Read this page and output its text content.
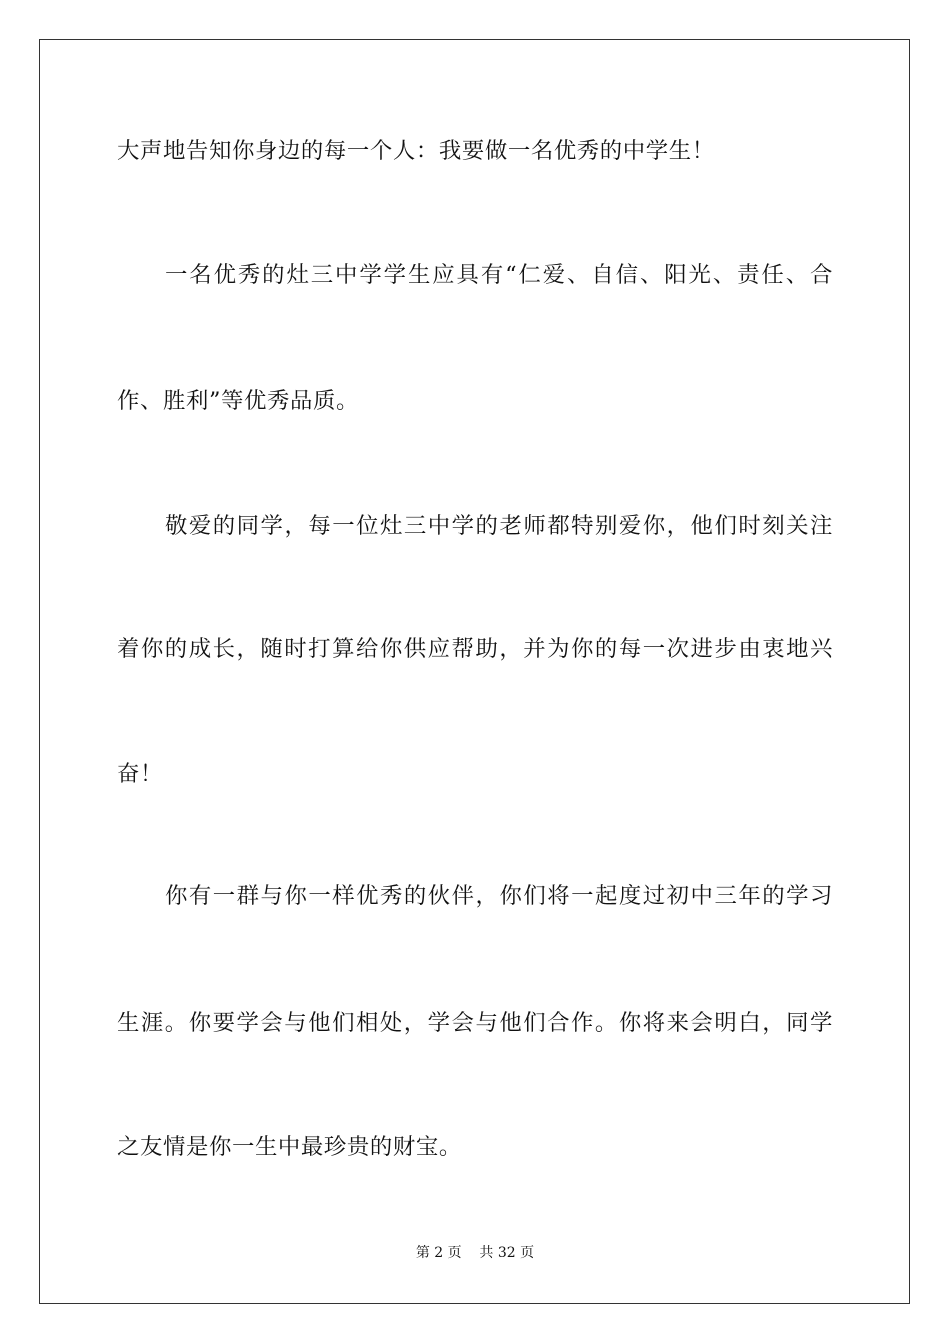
大声地告知你身边的每一个人：我要做一名优秀的中学生！
一名优秀的灶三中学学生应具有“仁爱、自信、阳光、责任、合
作、胜利”等优秀品质。
敬爱的同学，每一位灶三中学的老师都特别爱你，他们时刻关注
着你的成长，随时打算给你供应帮助，并为你的每一次进步由衷地兴
奋！
你有一群与你一样优秀的伙伴，你们将一起度过初中三年的学习
生涯。你要学会与他们相处，学会与他们合作。你将来会明白，同学
之友情是你一生中最珍贵的财宝。
第 2 页    共 32 页
